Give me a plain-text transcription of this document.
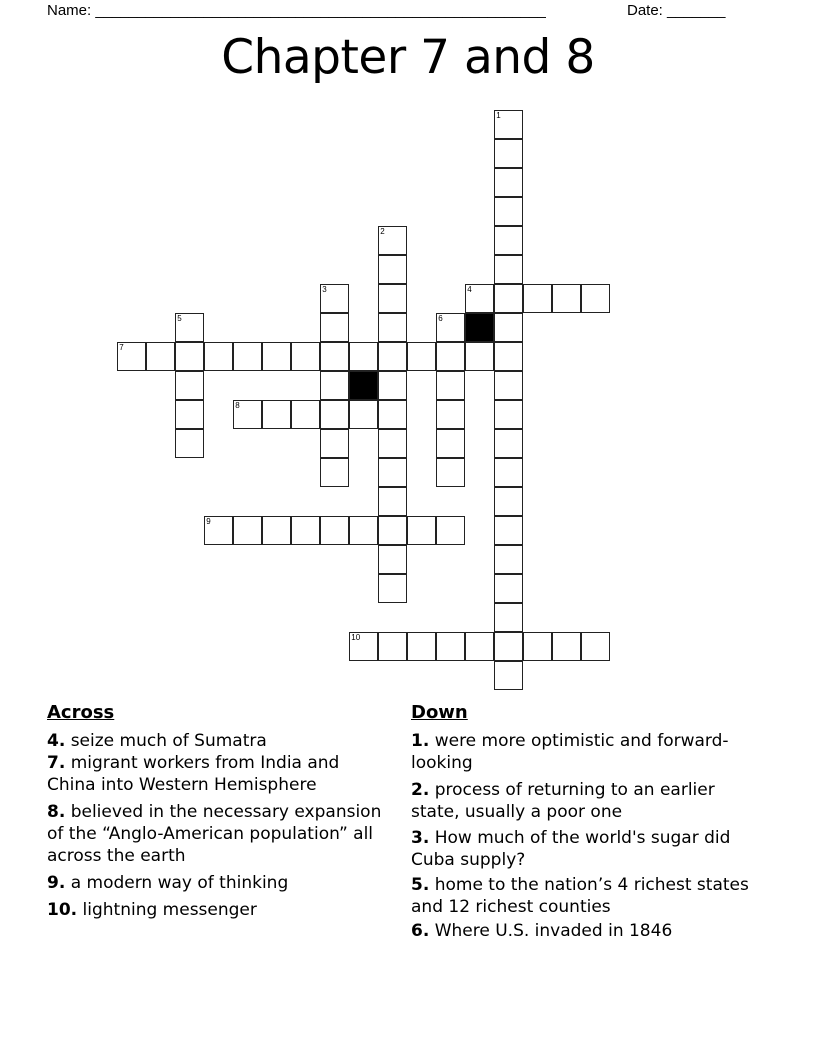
Name: ______________________________________________________	Date: _______
Chapter 7 and 8
1
2
3	4
5	6
7
8
9
10
Across	Down
4. seize much of Sumatra
7. migrant workers from India and China into Western Hemisphere
8. believed in the necessary expansion of the “Anglo-American population” all across the earth
9. a modern way of thinking
10. lightning messenger
1. were more optimistic and forward-looking
2. process of returning to an earlier state, usually a poor one
3. How much of the world's sugar did Cuba supply?
5. home to the nation’s 4 richest states and 12 richest counties
6. Where U.S. invaded in 1846
